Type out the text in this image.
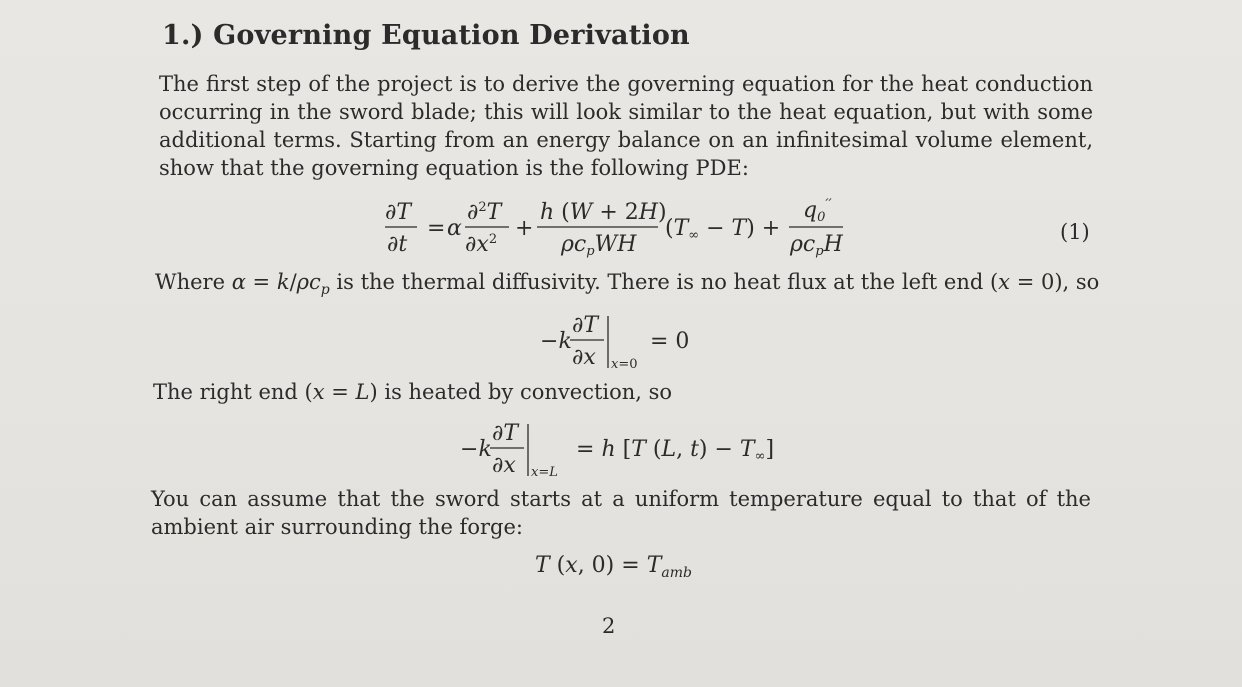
1.) Governing Equation Derivation
The first step of the project is to derive the governing equation for the heat conduction occurring in the sword blade; this will look similar to the heat equation, but with some additional terms. Starting from an energy balance on an infinitesimal volume element, show that the governing equation is the following PDE:
∂T
∂t
= α
∂$^2$T
$\partial x^2$ +
h (W + 2H)
ρcpWH
(T∞ − T) +
q0′′
ρcpH	(1)
Where $\alpha = k/\rho c_p$ is the thermal diffusivity. There is no heat flux at the left end (x = 0), so
−k
∂T
∂x x=0
= 0
The right end (x = L) is heated by convection, so
−k
∂T
∂x x=L
= h [T (L, t) − T∞]
You can assume that the sword starts at a uniform temperature equal to that of the ambient air surrounding the forge:
T (x, $0) = T_{amb}$
2
